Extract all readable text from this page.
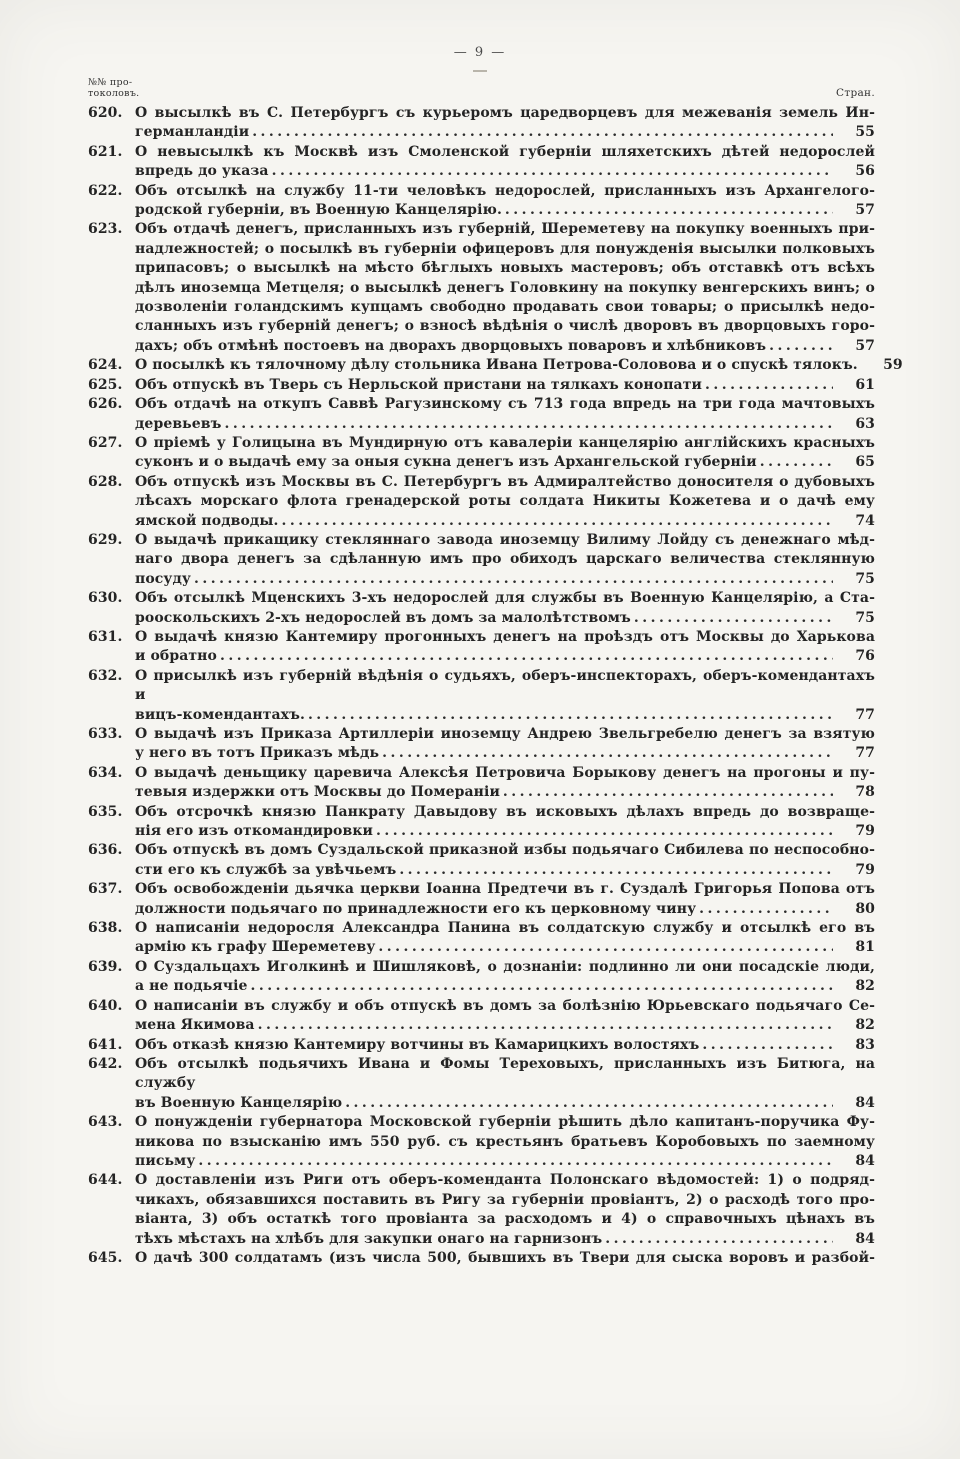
— 9 —
№№ про-
токоловъ.	Стран.
620. О высылкѣ въ С. Петербургъ съ курьеромъ царедворцевъ для межеванія земель Ин-
германландіи .....	55
621. О невысылкѣ къ Москвѣ изъ Смоленской губерніи шляхетскихъ дѣтей недорослей
впредь до указа .....	56
622. Объ отсылкѣ на службу 11-ти человѣкъ недорослей, присланныхъ изъ Архангелого-
родской губерніи, въ Военную Канцелярію. .....	57
623. Объ отдачѣ денегъ, присланныхъ изъ губерній, Шереметеву на покупку военныхъ при-
надлежностей; о посылкѣ въ губерніи офицеровъ для понужденія высылки полковыхъ
припасовъ; о высылкѣ на мѣсто бѣглыхъ новыхъ мастеровъ; объ отставкѣ отъ всѣхъ
дѣлъ иноземца Метцеля; о высылкѣ денегъ Головкину на покупку венгерскихъ винъ; о
дозволеніи голандскимъ купцамъ свободно продавать свои товары; о присылкѣ недо-
сланныхъ изъ губерній денегъ; о взносѣ вѣдѣнія о числѣ дворовъ въ дворцовыхъ горо-
дахъ; объ отмѣнѣ постоевъ на дворахъ дворцовыхъ поваровъ и хлѣбниковъ .....	57
624. О посылкѣ къ тялочному дѣлу стольника Ивана Петрова-Соловова и о спускѣ тялокъ.	59
625. Объ отпускѣ въ Тверь съ Нерльской пристани на тялкахъ конопати .....	61
626. Объ отдачѣ на откупъ Саввѣ Рагузинскому съ 713 года впредь на три года мачтовыхъ
деревьевъ .....	63
627. О пріемѣ у Голицына въ Мундирную отъ кавалеріи канцелярію англійскихъ красныхъ
суконъ и о выдачѣ ему за оныя сукна денегъ изъ Архангельской губерніи .....	65
628. Объ отпускѣ изъ Москвы въ С. Петербургъ въ Адмиралтейство доносителя о дубовыхъ
лѣсахъ морскаго флота гренадерской роты солдата Никиты Кожетева и о дачѣ ему
ямской подводы. .....	74
629. О выдачѣ прикащику стекляннаго завода иноземцу Вилиму Лойду съ денежнаго мѣд-
наго двора денегъ за сдѣланную имъ про обиходъ царскаго величества стеклянную
посуду .....	75
630. Объ отсылкѣ Мценскихъ 3-хъ недорослей для службы въ Военную Канцелярію, а Ста-
рооскольскихъ 2-хъ недорослей въ домъ за малолѣтствомъ .....	75
631. О выдачѣ князю Кантемиру прогонныхъ денегъ на проѣздъ отъ Москвы до Харькова
и обратно .....	76
632. О присылкѣ изъ губерній вѣдѣнія о судьяхъ, оберъ-инспекторахъ, оберъ-комендантахъ и
вицъ-комендантахъ. .....	77
633. О выдачѣ изъ Приказа Артиллеріи иноземцу Андрею Звельгребелю денегъ за взятую
у него въ тотъ Приказъ мѣдь .....	77
634. О выдачѣ деньщику царевича Алексѣя Петровича Борыкову денегъ на прогоны и пу-
тевыя издержки отъ Москвы до Помераніи .....	78
635. Объ отсрочкѣ князю Панкрату Давыдову въ исковыхъ дѣлахъ впредь до возвраще-
нія его изъ откомандировки .....	79
636. Объ отпускѣ въ домъ Суздальской приказной избы подьячаго Сибилева по неспособно-
сти его къ службѣ за увѣчьемъ .....	79
637. Объ освобожденіи дьячка церкви Іоанна Предтечи въ г. Суздалѣ Григорья Попова отъ
должности подьячаго по принадлежности его къ церковному чину .....	80
638. О написаніи недоросля Александра Панина въ солдатскую службу и отсылкѣ его въ
армію къ графу Шереметеву .....	81
639. О Суздальцахъ Иголкинѣ и Шишляковѣ, о дознаніи: подлинно ли они посадскіе люди,
а не подьячіе .....	82
640. О написаніи въ службу и объ отпускѣ въ домъ за болѣзнію Юрьевскаго подьячаго Се-
мена Якимова .....	82
641. Объ отказѣ князю Кантемиру вотчины въ Камарицкихъ волостяхъ .....	83
642. Объ отсылкѣ подьячихъ Ивана и Фомы Тереховыхъ, присланныхъ изъ Битюга, на службу
въ Военную Канцелярію .....	84
643. О понужденіи губернатора Московской губерніи рѣшить дѣло капитанъ-поручика Фу-
никова по взысканію имъ 550 руб. съ крестьянъ братьевъ Коробовыхъ по заемному
письму .....	84
644. О доставленіи изъ Риги отъ оберъ-коменданта Полонскаго вѣдомостей: 1) о подряд-
чикахъ, обязавшихся поставить въ Ригу за губерніи провіантъ, 2) о расходѣ того про-
віанта, 3) объ остаткѣ того провіанта за расходомъ и 4) о справочныхъ цѣнахъ въ
тѣхъ мѣстахъ на хлѣбъ для закупки онаго на гарнизонъ .....	84
645. О дачѣ 300 солдатамъ (изъ числа 500, бывшихъ въ Твери для сыска воровъ и разбой-
